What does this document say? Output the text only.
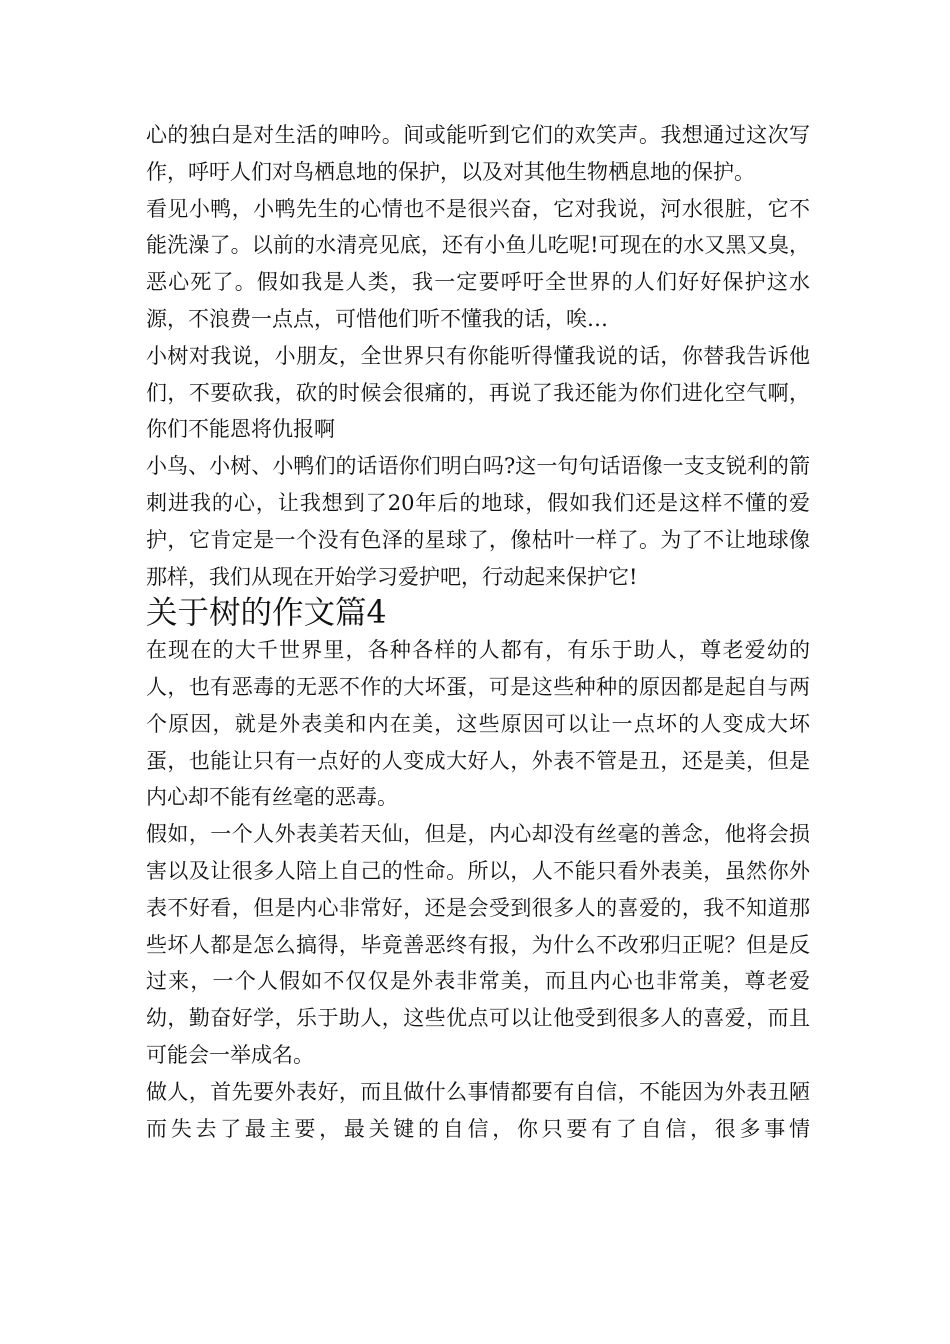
心的独白是对生活的呻吟。间或能听到它们的欢笑声。我想通过这次写作，呼吁人们对鸟栖息地的保护，以及对其他生物栖息地的保护。

看见小鸭，小鸭先生的心情也不是很兴奋，它对我说，河水很脏，它不能洗澡了。以前的水清亮见底，还有小鱼儿吃呢!可现在的水又黑又臭，恶心死了。假如我是人类，我一定要呼吁全世界的人们好好保护这水源，不浪费一点点，可惜他们听不懂我的话，唉…

小树对我说，小朋友，全世界只有你能听得懂我说的话，你替我告诉他们，不要砍我，砍的时候会很痛的，再说了我还能为你们进化空气啊，你们不能恩将仇报啊

小鸟、小树、小鸭们的话语你们明白吗?这一句句话语像一支支锐利的箭刺进我的心，让我想到了20年后的地球，假如我们还是这样不懂的爱护，它肯定是一个没有色泽的星球了，像枯叶一样了。为了不让地球像那样，我们从现在开始学习爱护吧，行动起来保护它!

关于树的作文篇4

在现在的大千世界里，各种各样的人都有，有乐于助人，尊老爱幼的人，也有恶毒的无恶不作的大坏蛋，可是这些种种的原因都是起自与两个原因，就是外表美和内在美，这些原因可以让一点坏的人变成大坏蛋，也能让只有一点好的人变成大好人，外表不管是丑，还是美，但是内心却不能有丝毫的恶毒。

假如，一个人外表美若天仙，但是，内心却没有丝毫的善念，他将会损害以及让很多人陪上自己的性命。所以，人不能只看外表美，虽然你外表不好看，但是内心非常好，还是会受到很多人的喜爱的，我不知道那些坏人都是怎么搞得，毕竟善恶终有报，为什么不改邪归正呢？但是反过来，一个人假如不仅仅是外表非常美，而且内心也非常美，尊老爱幼，勤奋好学，乐于助人，这些优点可以让他受到很多人的喜爱，而且可能会一举成名。

做人，首先要外表好，而且做什么事情都要有自信，不能因为外表丑陋而失去了最主要，最关键的自信，你只要有了自信，很多事情
